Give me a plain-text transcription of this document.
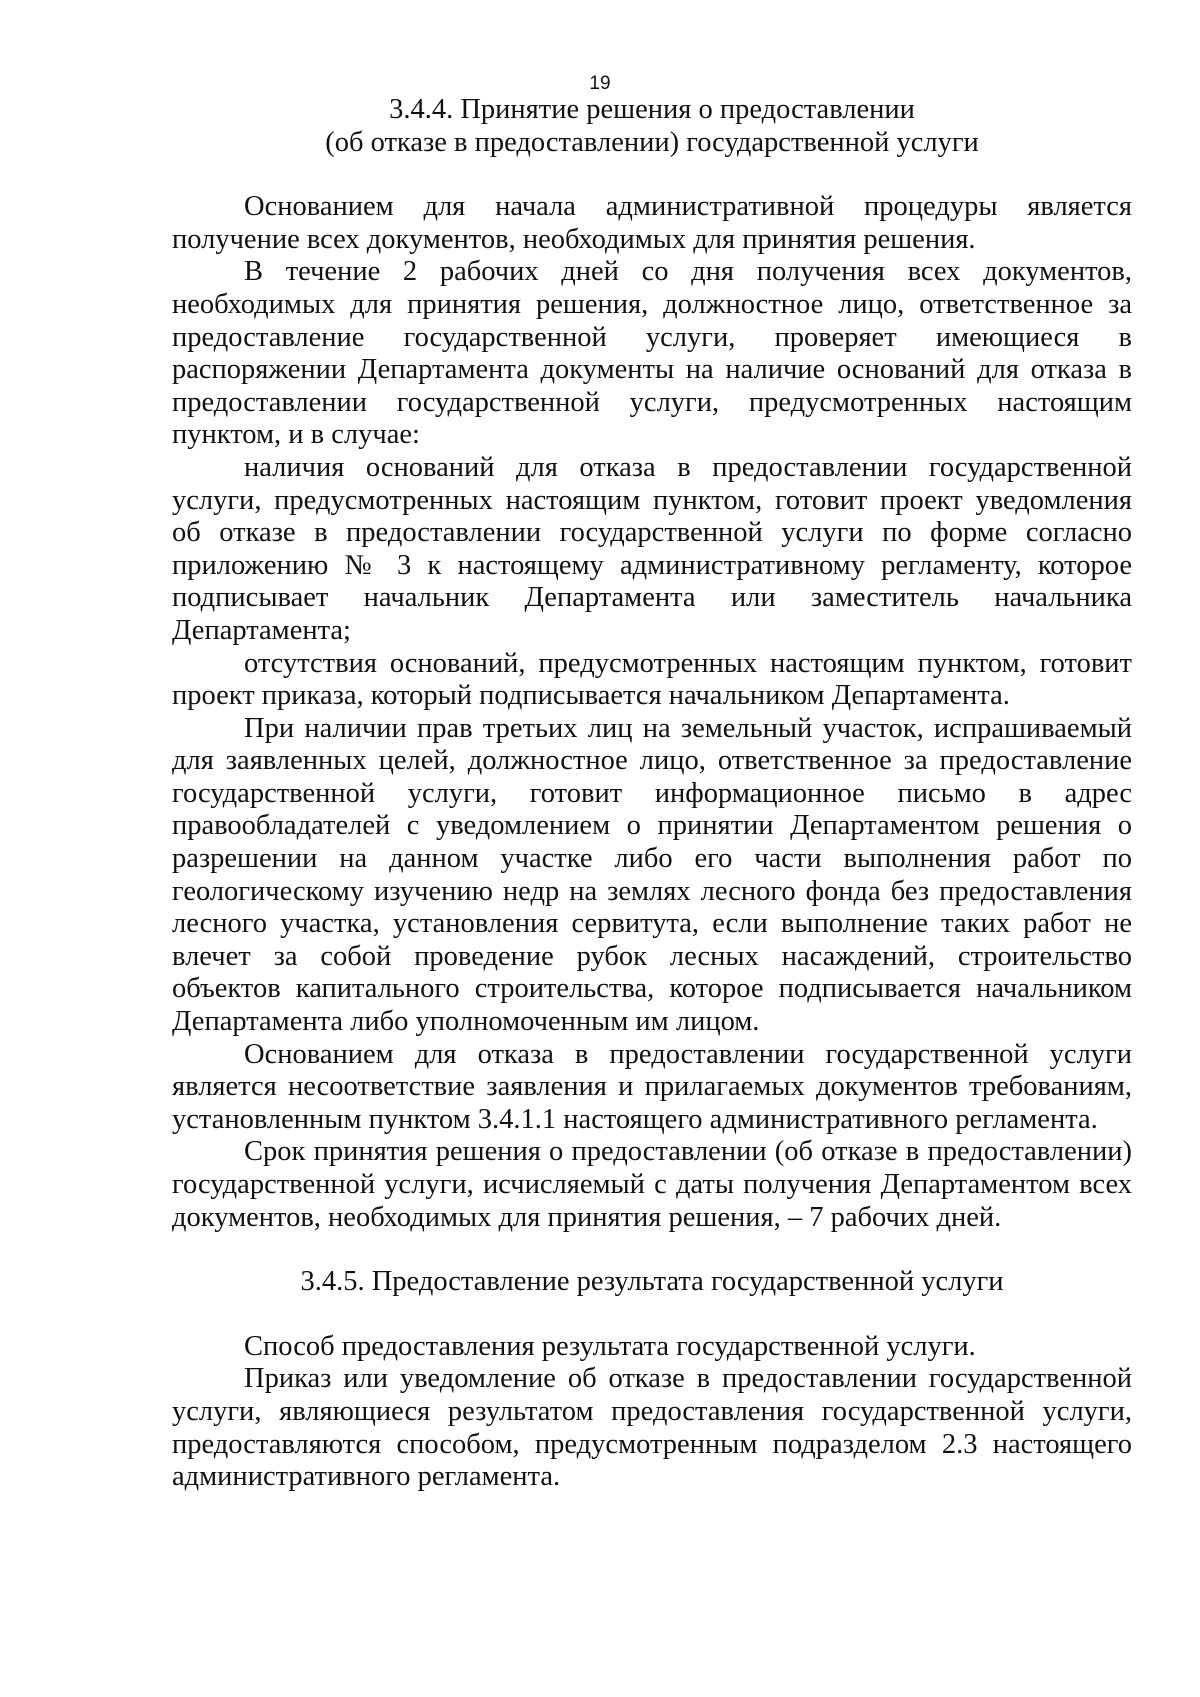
19
3.4.4. Принятие решения о предоставлении
(об отказе в предоставлении) государственной услуги

Основанием для начала административной процедуры является получение всех документов, необходимых для принятия решения.

В течение 2 рабочих дней со дня получения всех документов, необходимых для принятия решения, должностное лицо, ответственное за предоставление государственной услуги, проверяет имеющиеся в распоряжении Департамента документы на наличие оснований для отказа в предоставлении государственной услуги, предусмотренных настоящим пунктом, и в случае:

наличия оснований для отказа в предоставлении государственной услуги, предусмотренных настоящим пунктом, готовит проект уведомления об отказе в предоставлении государственной услуги по форме согласно приложению № 3 к настоящему административному регламенту, которое подписывает начальник Департамента или заместитель начальника Департамента;

отсутствия оснований, предусмотренных настоящим пунктом, готовит проект приказа, который подписывается начальником Департамента.

При наличии прав третьих лиц на земельный участок, испрашиваемый для заявленных целей, должностное лицо, ответственное за предоставление государственной услуги, готовит информационное письмо в адрес правообладателей с уведомлением о принятии Департаментом решения о разрешении на данном участке либо его части выполнения работ по геологическому изучению недр на землях лесного фонда без предоставления лесного участка, установления сервитута, если выполнение таких работ не влечет за собой проведение рубок лесных насаждений, строительство объектов капитального строительства, которое подписывается начальником Департамента либо уполномоченным им лицом.

Основанием для отказа в предоставлении государственной услуги является несоответствие заявления и прилагаемых документов требованиям, установленным пунктом 3.4.1.1 настоящего административного регламента.

Срок принятия решения о предоставлении (об отказе в предоставлении) государственной услуги, исчисляемый с даты получения Департаментом всех документов, необходимых для принятия решения, – 7 рабочих дней.

3.4.5. Предоставление результата государственной услуги

Способ предоставления результата государственной услуги.

Приказ или уведомление об отказе в предоставлении государственной услуги, являющиеся результатом предоставления государственной услуги, предоставляются способом, предусмотренным подразделом 2.3 настоящего административного регламента.
